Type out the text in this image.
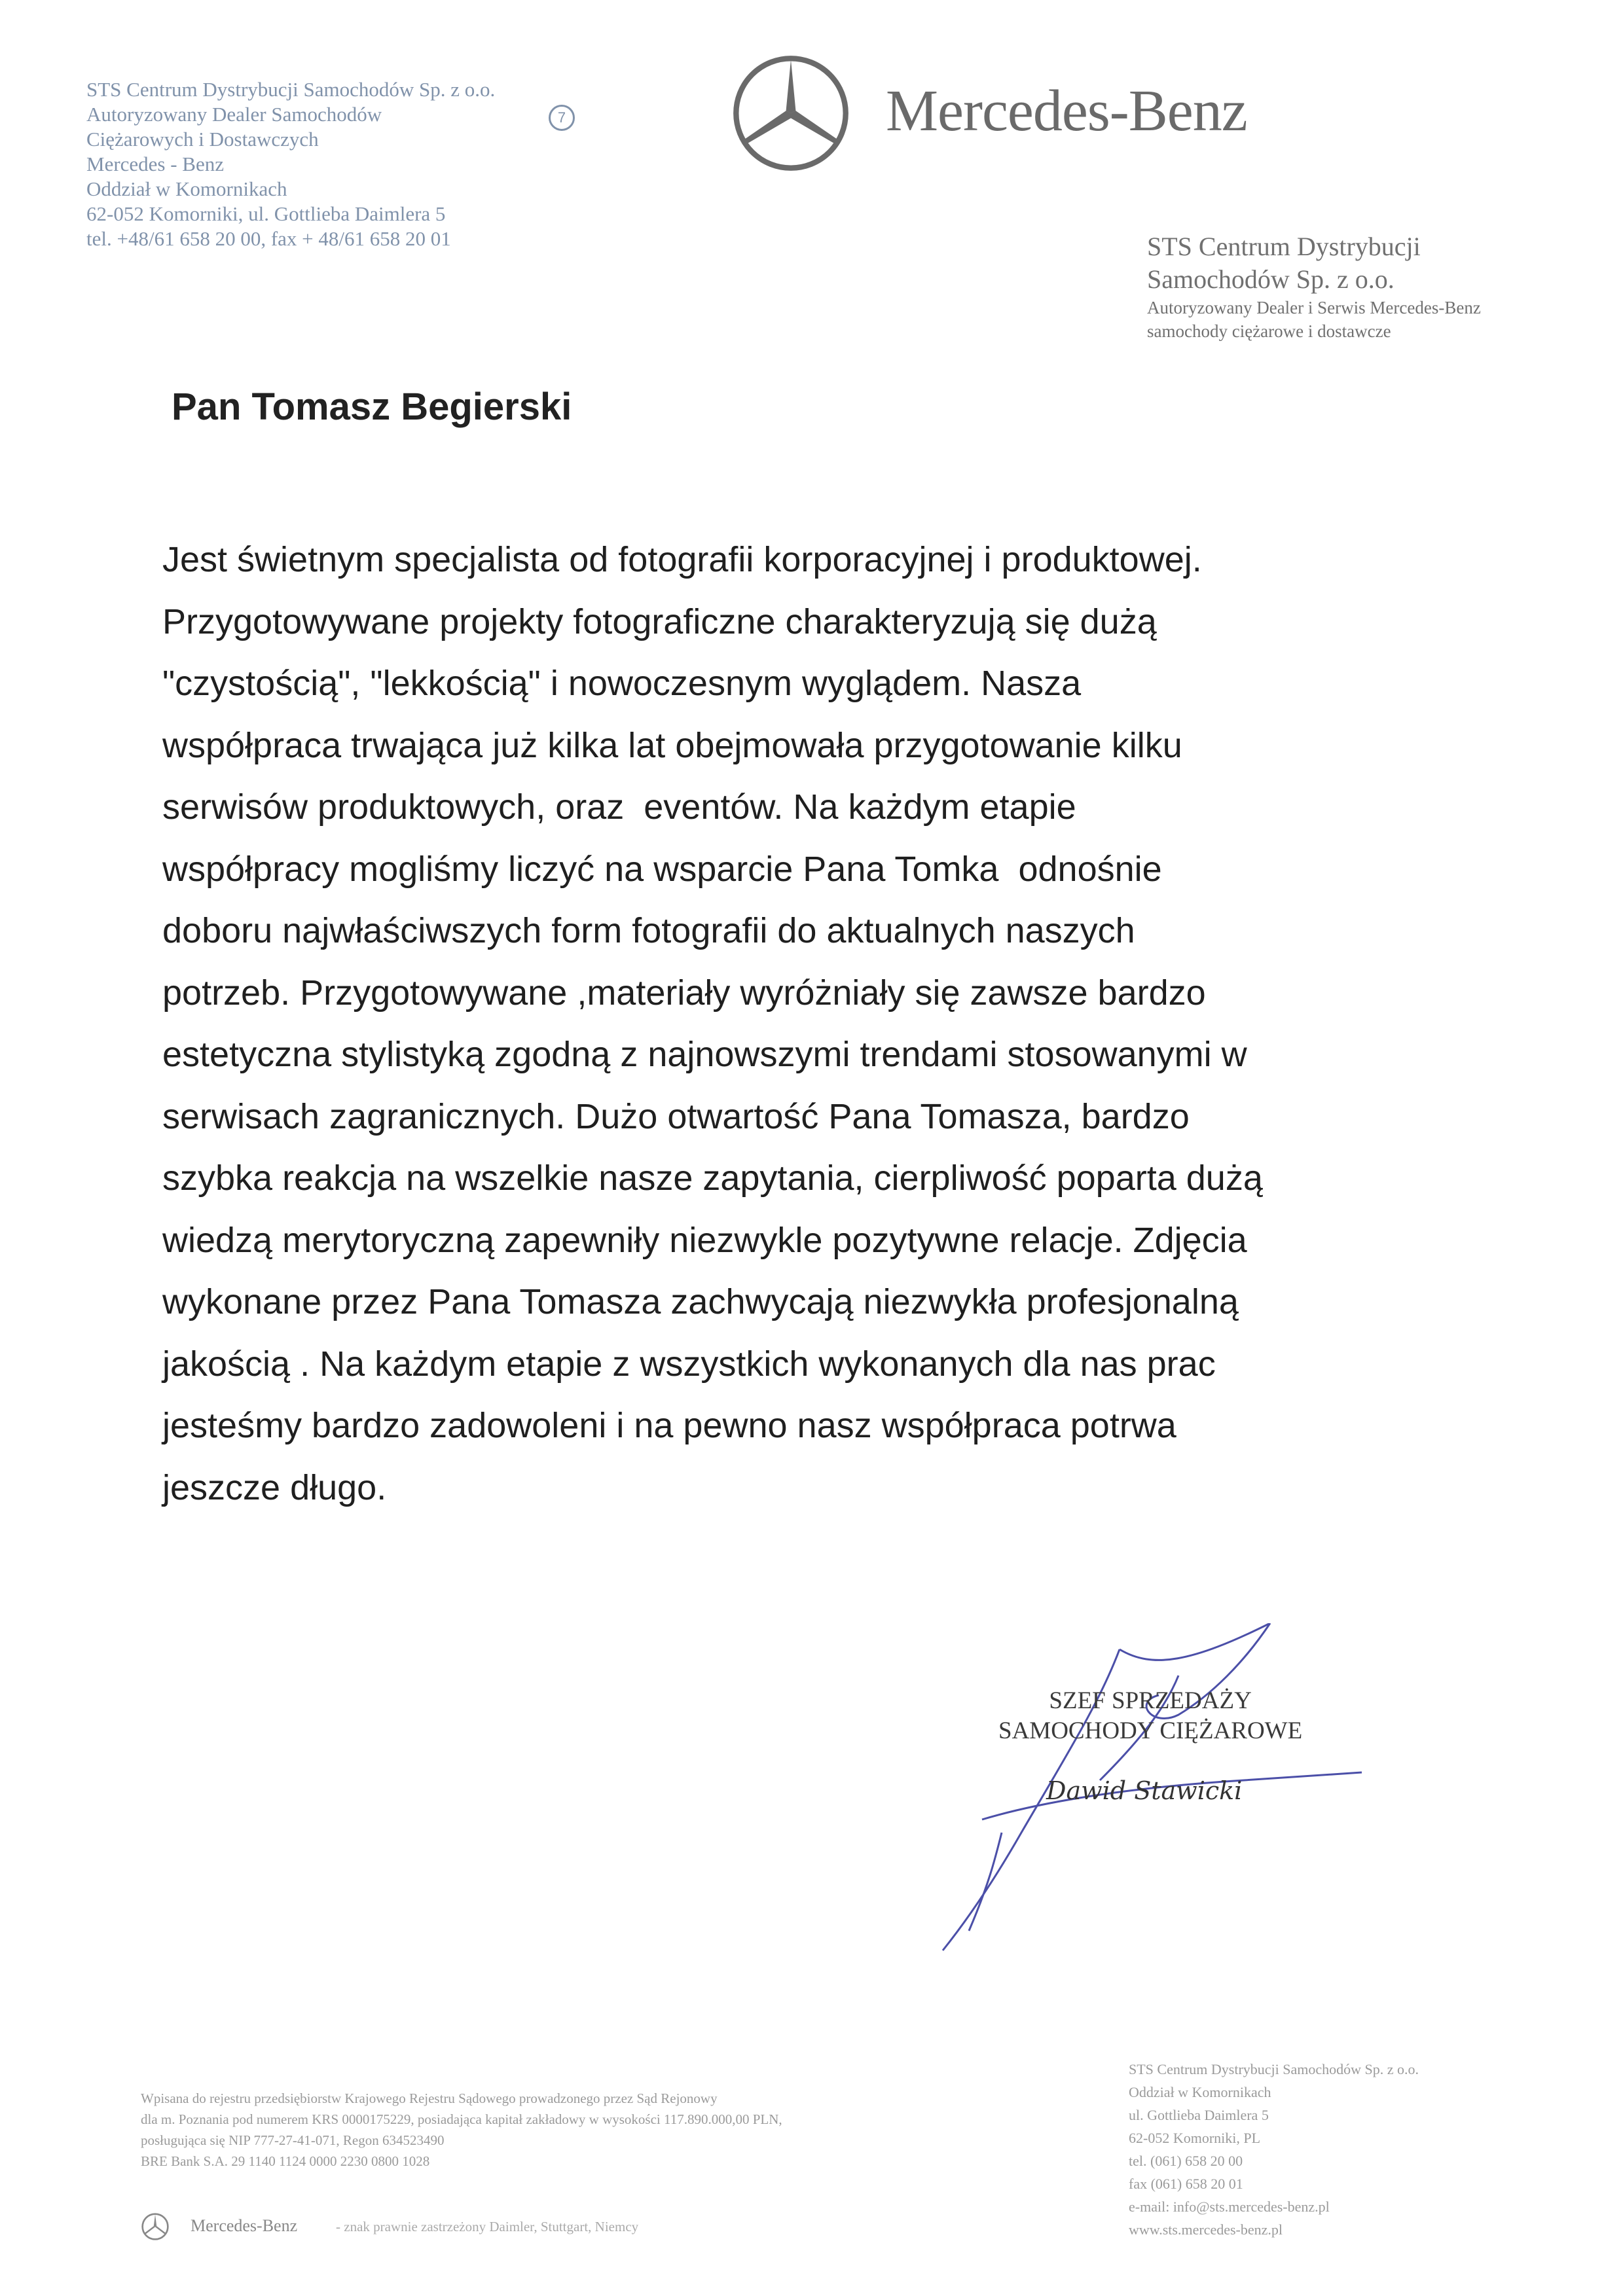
STS Centrum Dystrybucji Samochodów Sp. z o.o.
Autoryzowany Dealer Samochodów
Ciężarowych i Dostawczych
Mercedes - Benz
Oddział w Komornikach
62-052 Komorniki, ul. Gottlieba Daimlera 5
tel. +48/61 658 20 00, fax + 48/61 658 20 01
7	Mercedes-Benz
STS Centrum Dystrybucji
Samochodów Sp. z o.o.
Autoryzowany Dealer i Serwis Mercedes-Benz
samochody ciężarowe i dostawcze
Pan Tomasz Begierski
Jest świetnym specjalista od fotografii korporacyjnej i produktowej.
Przygotowywane projekty fotograficzne charakteryzują się dużą
"czystością", "lekkością" i nowoczesnym wyglądem. Nasza
współpraca trwająca już kilka lat obejmowała przygotowanie kilku
serwisów produktowych, oraz  eventów. Na każdym etapie
współpracy mogliśmy liczyć na wsparcie Pana Tomka  odnośnie
doboru najwłaściwszych form fotografii do aktualnych naszych
potrzeb. Przygotowywane ,materiały wyróżniały się zawsze bardzo
estetyczna stylistyką zgodną z najnowszymi trendami stosowanymi w
serwisach zagranicznych. Dużo otwartość Pana Tomasza, bardzo
szybka reakcja na wszelkie nasze zapytania, cierpliwość poparta dużą
wiedzą merytoryczną zapewniły niezwykle pozytywne relacje. Zdjęcia
wykonane przez Pana Tomasza zachwycają niezwykła profesjonalną
jakością . Na każdym etapie z wszystkich wykonanych dla nas prac
jesteśmy bardzo zadowoleni i na pewno nasz współpraca potrwa
jeszcze długo.
SZEF SPRZEDAŻY
SAMOCHODY CIĘŻAROWE
Dawid Stawicki
Wpisana do rejestru przedsiębiorstw Krajowego Rejestru Sądowego prowadzonego przez Sąd Rejonowy
dla m. Poznania pod numerem KRS 0000175229, posiadająca kapitał zakładowy w wysokości 117.890.000,00 PLN,
posługująca się NIP 777-27-41-071, Regon 634523490
BRE Bank S.A. 29 1140 1124 0000 2230 0800 1028
Mercedes-Benz	- znak prawnie zastrzeżony Daimler, Stuttgart, Niemcy
STS Centrum Dystrybucji Samochodów Sp. z o.o.
Oddział w Komornikach
ul. Gottlieba Daimlera 5
62-052 Komorniki, PL
tel. (061) 658 20 00
fax (061) 658 20 01
e-mail: info@sts.mercedes-benz.pl
www.sts.mercedes-benz.pl
